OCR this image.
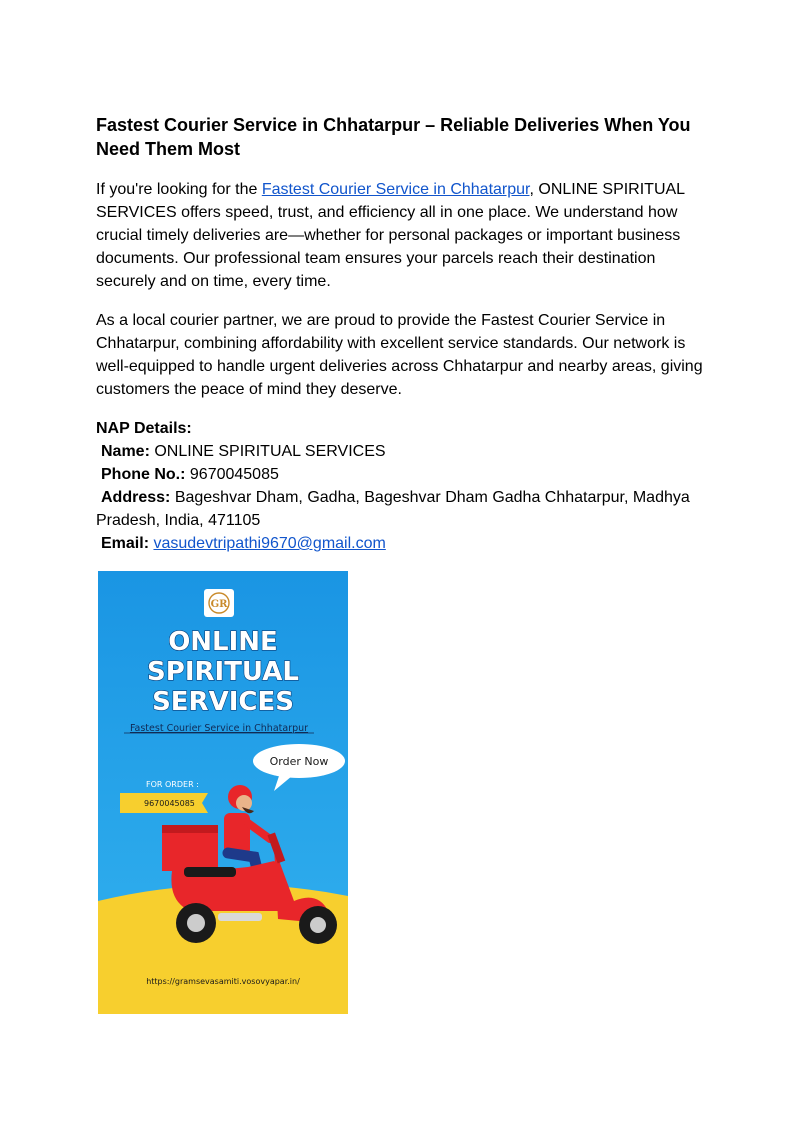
Fastest Courier Service in Chhatarpur – Reliable Deliveries When You Need Them Most

If you're looking for the Fastest Courier Service in Chhatarpur, ONLINE SPIRITUAL SERVICES offers speed, trust, and efficiency all in one place. We understand how crucial timely deliveries are—whether for personal packages or important business documents. Our professional team ensures your parcels reach their destination securely and on time, every time.

As a local courier partner, we are proud to provide the Fastest Courier Service in Chhatarpur, combining affordability with excellent service standards. Our network is well-equipped to handle urgent deliveries across Chhatarpur and nearby areas, giving customers the peace of mind they deserve.

NAP Details:
Name: ONLINE SPIRITUAL SERVICES
Phone No.: 9670045085
Address: Bageshvar Dham, Gadha, Bageshvar Dham Gadha Chhatarpur, Madhya Pradesh, India, 471105
Email: vasudevtripathi9670@gmail.com
GR
ONLINE
SPIRITUAL
SERVICES
Fastest Courier Service in Chhatarpur
Order Now
FOR ORDER :
9670045085
https://gramsevasamiti.vosovyapar.in/
